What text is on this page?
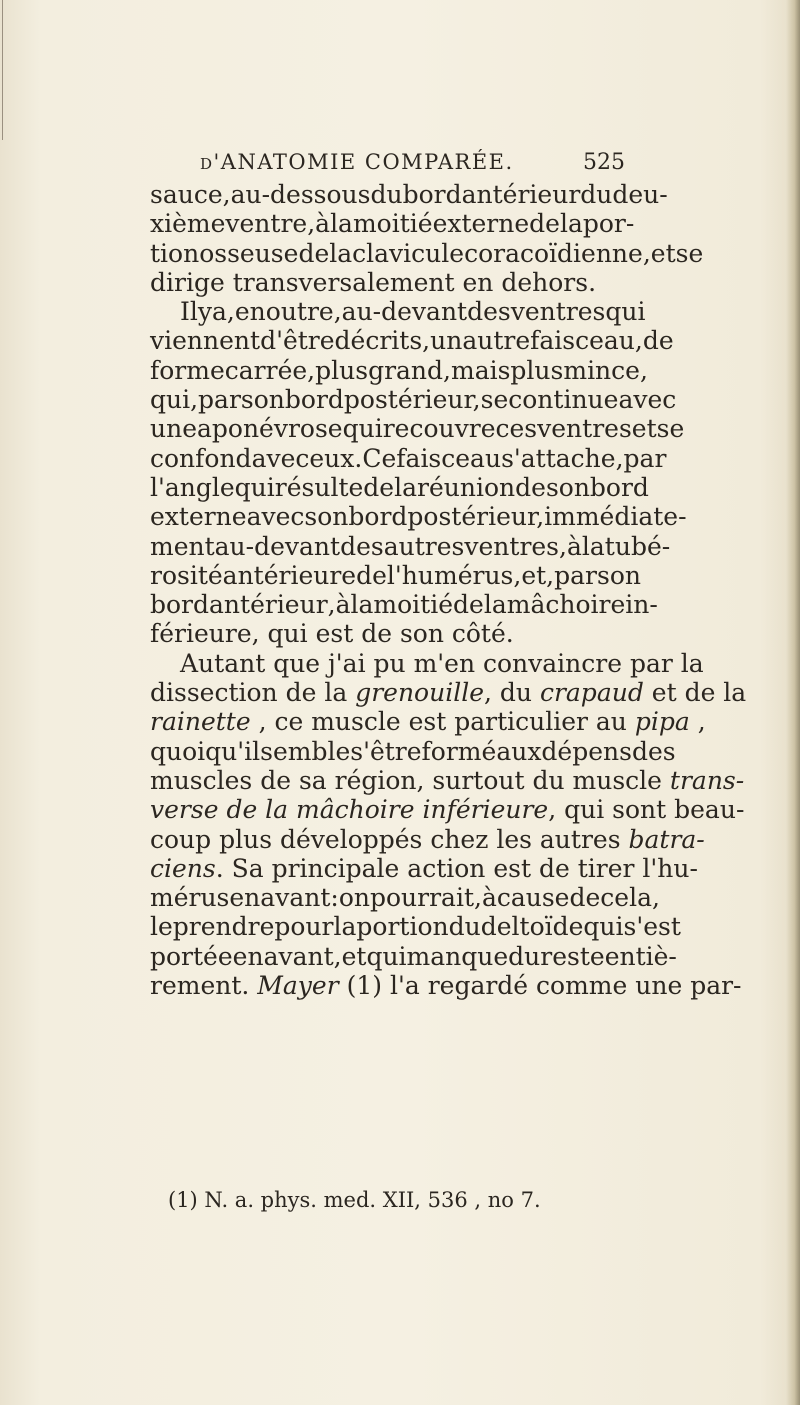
d'ANATOMIE COMPARÉE.	525
sauce , au-dessous du bord antérieur du deu-
xième ventre , à la moitié externe de la por-
tion osseuse de la clavicule coracoïdienne, et se
dirige transversalement en dehors.
Il y a , en outre , au-devant des ventres qui
viennent d'être décrits , un autre faisceau , de
forme carrée , plus grand , mais plus mince ,
qui, par son bord postérieur, se continue avec
une aponévrose qui recouvre ces ventres et se
confond avec eux. Ce faisceau s'attache, par
l'angle qui résulte de la réunion de son bord
externe avec son bord postérieur, immédiate-
ment au-devant des autres ventres , à la tubé-
rosité antérieure de l'humérus , et , par son
bord antérieur , à la moitié de la mâchoire in-
férieure, qui est de son côté.
Autant que j'ai pu m'en convaincre par la
dissection de la grenouille, du crapaud et de la
rainette , ce muscle est particulier au pipa ,
quoiqu'il semble s'être formé aux dépens des
muscles de sa région, surtout du muscle trans-
verse de la mâchoire inférieure, qui sont beau-
coup plus développés chez les autres batra-
ciens. Sa principale action est de tirer l'hu-
mérus en avant : on pourrait, à cause de cela,
le prendre pour la portion du deltoïde qui s'est
portée en avant, et qui manque du reste entiè-
rement. Mayer (1) l'a regardé comme une par-
(1) N. a. phys. med. XII, 536 , no 7.
